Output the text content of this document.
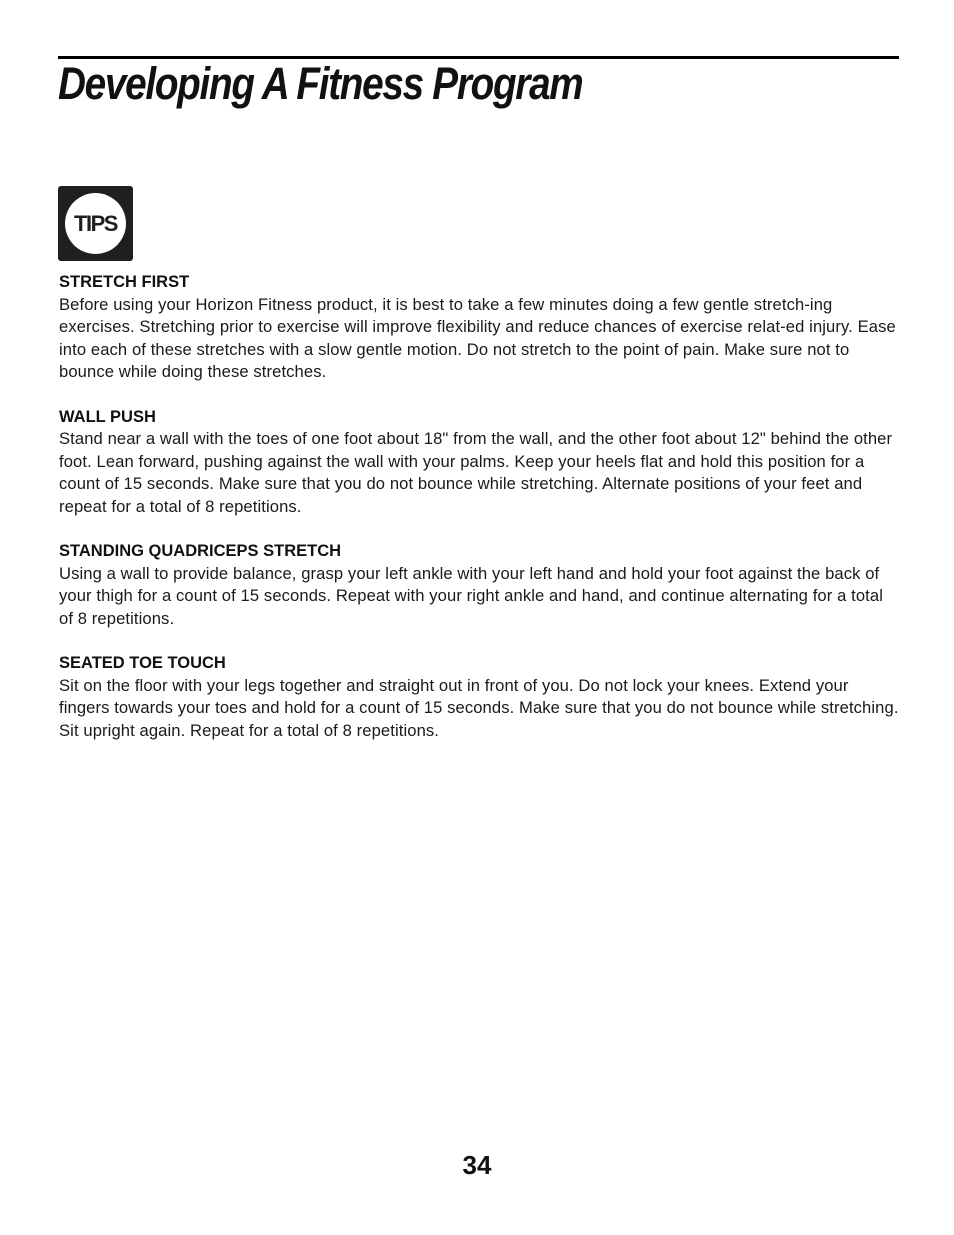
Developing A Fitness Program
TIPS
STRETCH FIRST

Before using your Horizon Fitness product, it is best to take a few minutes doing a few gentle stretch-ing exercises. Stretching prior to exercise will improve flexibility and reduce chances of exercise relat-ed injury. Ease into each of these stretches with a slow gentle motion. Do not stretch to the point of pain. Make sure not to bounce while doing these stretches.

WALL PUSH

Stand near a wall with the toes of one foot about 18" from the wall, and the other foot about 12" behind the other foot. Lean forward, pushing against the wall with your palms. Keep your heels flat and hold this position for a count of 15 seconds. Make sure that you do not bounce while stretching. Alternate positions of your feet and repeat for a total of 8 repetitions.

STANDING QUADRICEPS STRETCH

Using a wall to provide balance, grasp your left ankle with your left hand and hold your foot against the back of your thigh for a count of 15 seconds. Repeat with your right ankle and hand, and continue alternating for a total of 8 repetitions.

SEATED TOE TOUCH

Sit on the floor with your legs together and straight out in front of you. Do not lock your knees. Extend your fingers towards your toes and hold for a count of 15 seconds. Make sure that you do not bounce while stretching. Sit upright again. Repeat for a total of 8 repetitions.

34
